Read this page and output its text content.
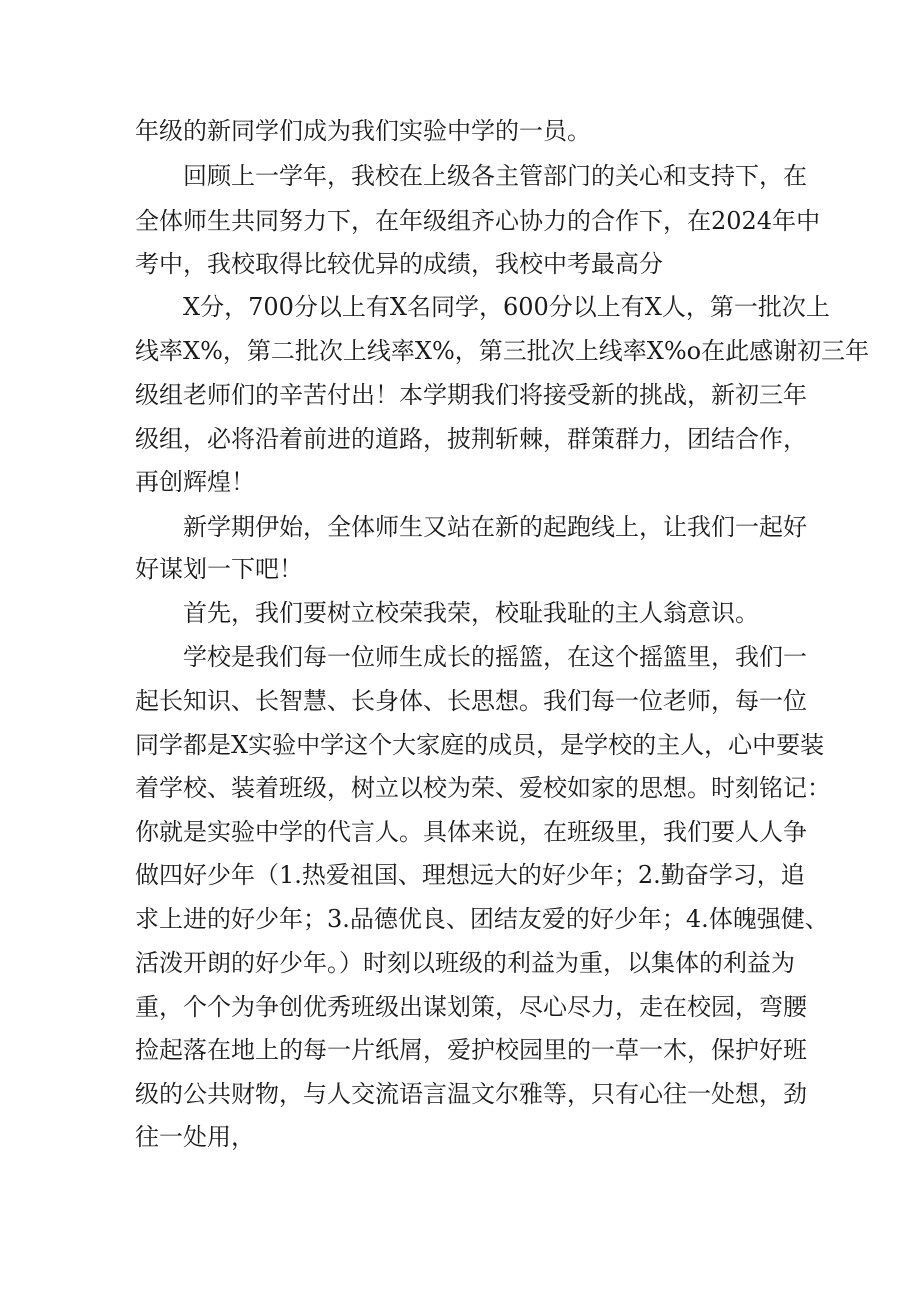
年级的新同学们成为我们实验中学的一员。
回顾上一学年，我校在上级各主管部门的关心和支持下，在
全体师生共同努力下，在年级组齐心协力的合作下，在2024年中
考中，我校取得比较优异的成绩，我校中考最高分
X分，700分以上有X名同学，600分以上有X人，第一批次上
线率X%，第二批次上线率X%，第三批次上线率X%o在此感谢初三年
级组老师们的辛苦付出！本学期我们将接受新的挑战，新初三年
级组，必将沿着前进的道路，披荆斩棘，群策群力，团结合作，
再创辉煌！
新学期伊始，全体师生又站在新的起跑线上，让我们一起好
好谋划一下吧！
首先，我们要树立校荣我荣，校耻我耻的主人翁意识。
学校是我们每一位师生成长的摇篮，在这个摇篮里，我们一
起长知识、长智慧、长身体、长思想。我们每一位老师，每一位
同学都是X实验中学这个大家庭的成员，是学校的主人，心中要装
着学校、装着班级，树立以校为荣、爱校如家的思想。时刻铭记：
你就是实验中学的代言人。具体来说，在班级里，我们要人人争
做四好少年（1.热爱祖国、理想远大的好少年；2.勤奋学习，追
求上进的好少年；3.品德优良、团结友爱的好少年；4.体魄强健、
活泼开朗的好少年。）时刻以班级的利益为重，以集体的利益为
重，个个为争创优秀班级出谋划策，尽心尽力，走在校园，弯腰
捡起落在地上的每一片纸屑，爱护校园里的一草一木，保护好班
级的公共财物，与人交流语言温文尔雅等，只有心往一处想，劲
往一处用，
